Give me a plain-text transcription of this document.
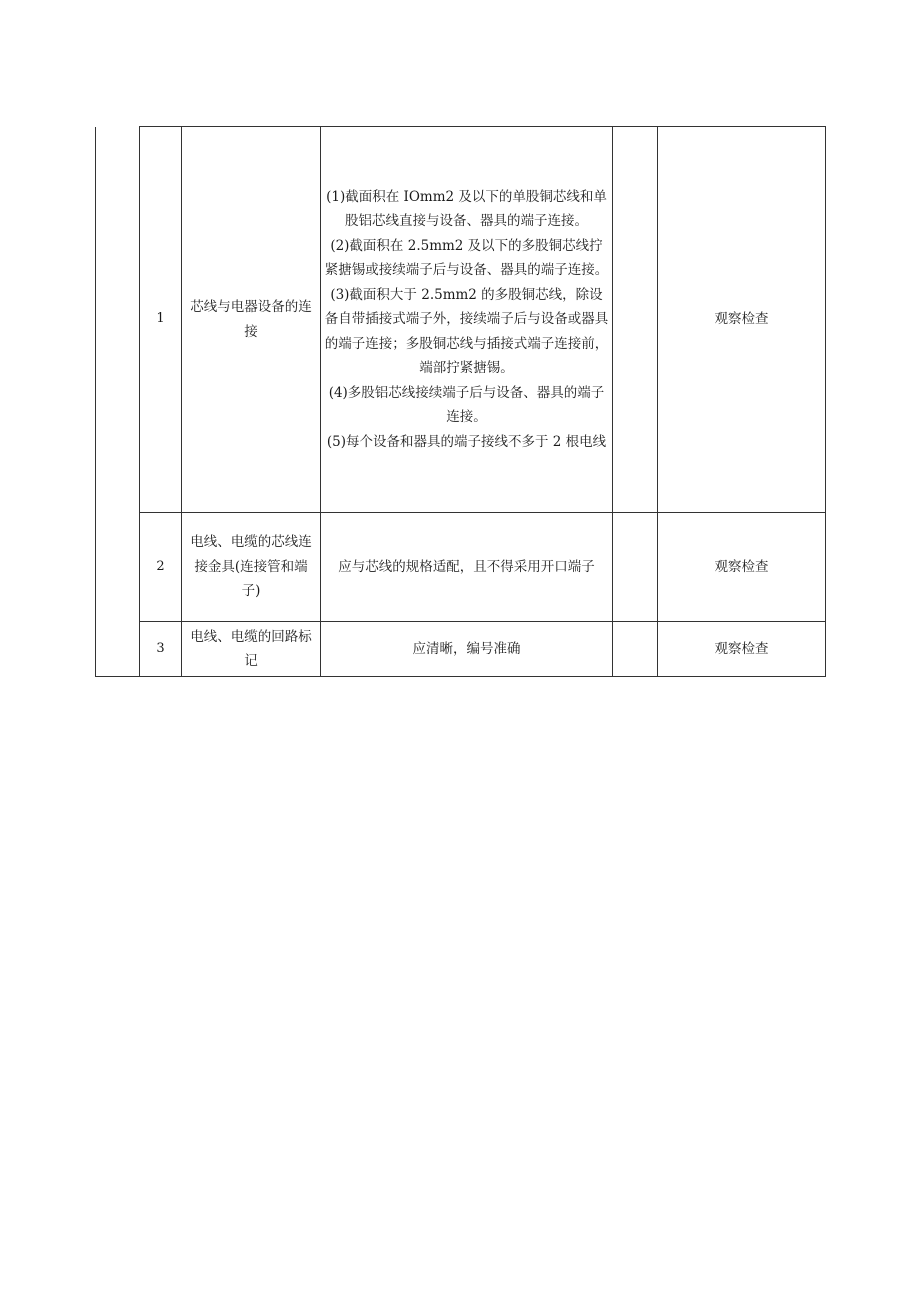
	1	芯线与电器设备的连接	(1)截面积在 IOmm2 及以下的单股铜芯线和单股铝芯线直接与设备、器具的端子连接。
(2)截面积在 2.5mm2 及以下的多股铜芯线拧紧搪锡或接续端子后与设备、器具的端子连接。
(3)截面积大于 2.5mm2 的多股铜芯线，除设备自带插接式端子外，接续端子后与设备或器具的端子连接；多股铜芯线与插接式端子连接前，端部拧紧搪锡。
(4)多股铝芯线接续端子后与设备、器具的端子连接。
(5)每个设备和器具的端子接线不多于 2 根电线		观察检查
	2	电线、电缆的芯线连接金具(连接管和端子)	应与芯线的规格适配，且不得采用开口端子		观察检查
	3	电线、电缆的回路标记	应清晰，编号准确		观察检查
